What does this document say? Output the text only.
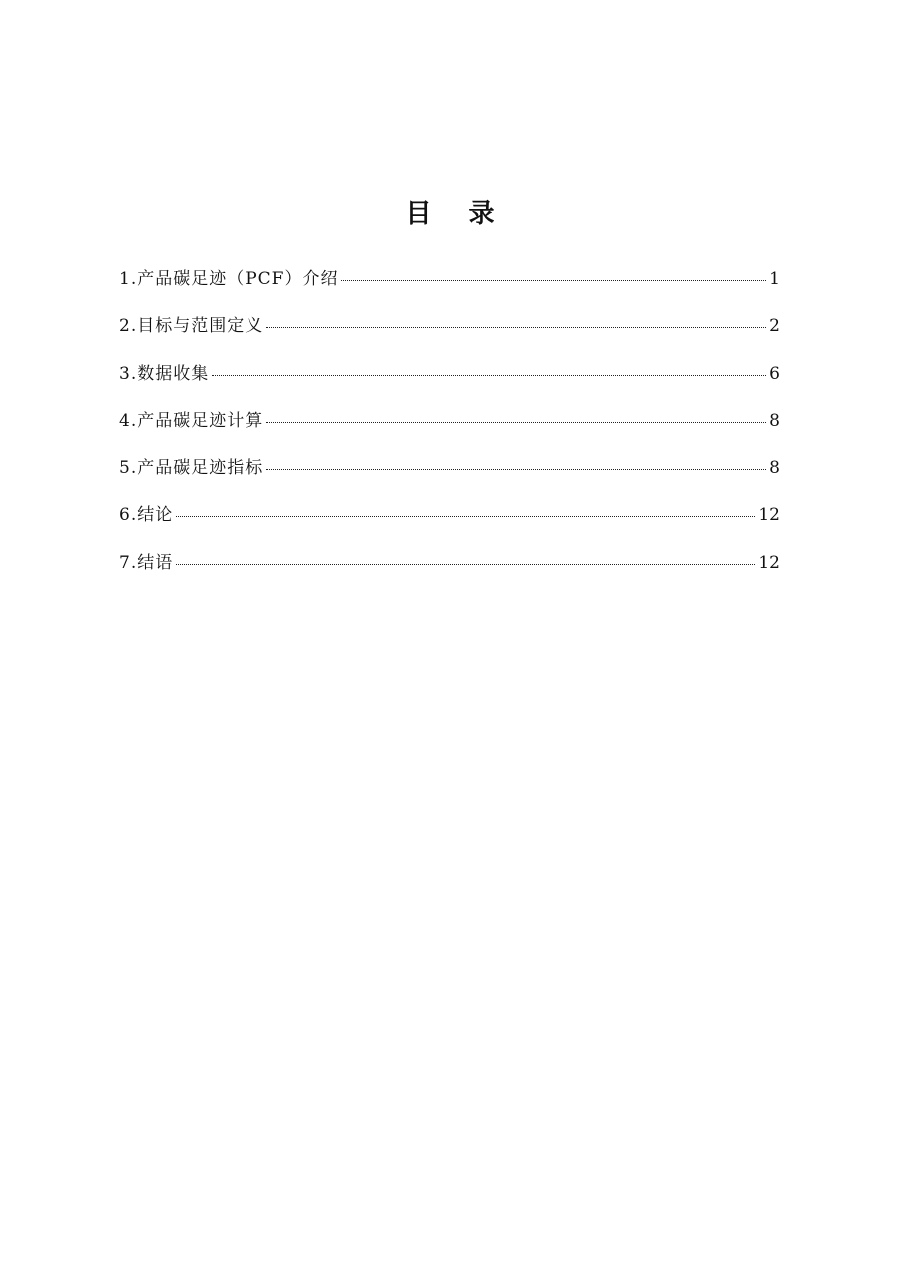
目 录
1.产品碳足迹（PCF）介绍	1
2.目标与范围定义	2
3.数据收集	6
4.产品碳足迹计算	8
5.产品碳足迹指标	8
6.结论	12
7.结语	12
